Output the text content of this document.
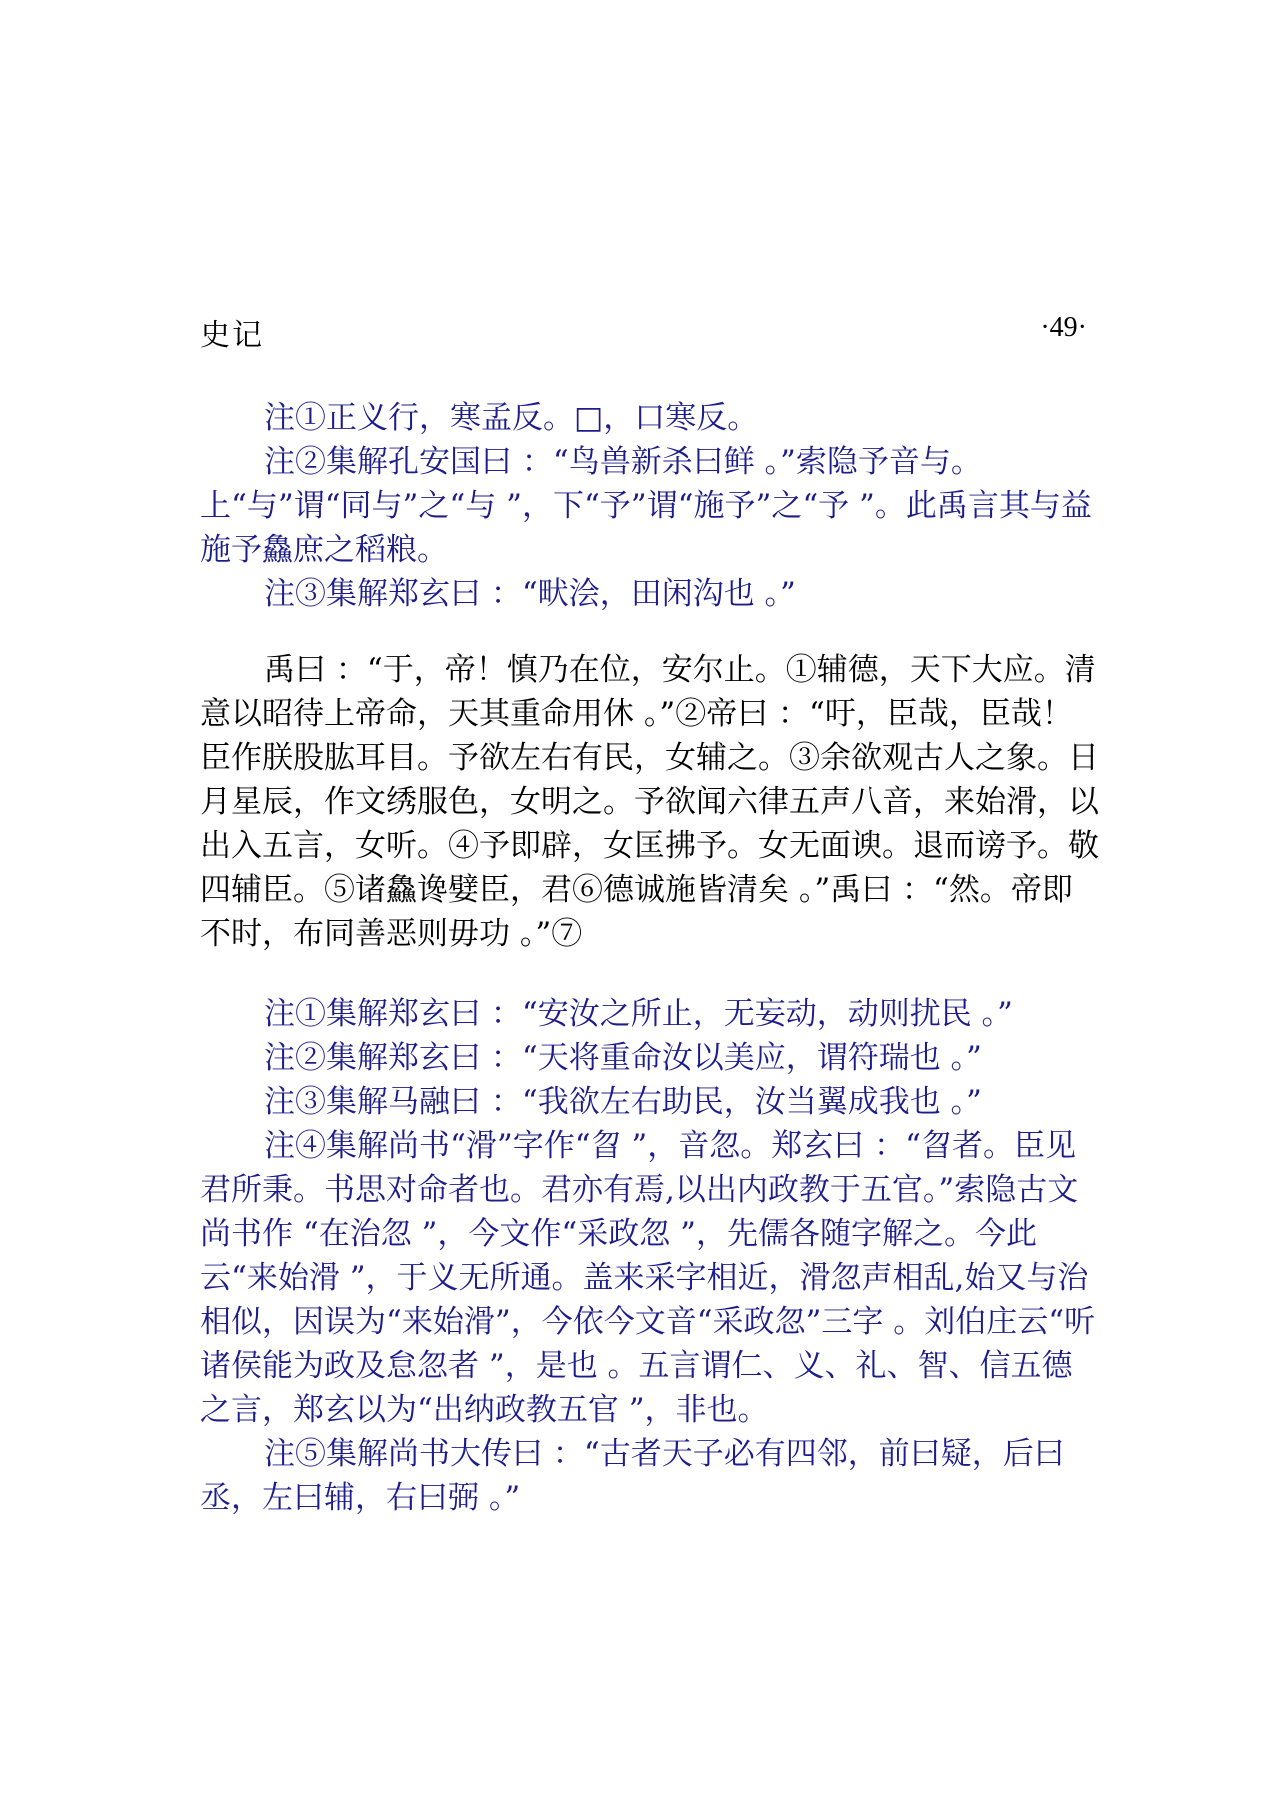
史记	·49·

注①正义行，寒孟反。□，口寒反。

注②集解孔安国曰 ：“鸟兽新杀曰鲜 。”索隐予音与。上“与”谓“同与”之“与 ”，下“予”谓“施予”之“予 ”。此禹言其与益施予鱻庶之稻粮。

注③集解郑玄曰 ：“畎浍，田闲沟也 。”

禹曰 ：“于，帝！慎乃在位，安尔止。①辅德，天下大应。清意以昭待上帝命，天其重命用休 。”②帝曰 ：“吁，臣哉，臣哉！臣作朕股肱耳目。予欲左右有民，女辅之。③余欲观古人之象。日月星辰，作文绣服色，女明之。予欲闻六律五声八音，来始滑，以出入五言，女听。④予即辟，女匡拂予。女无面谀。退而谤予。敬四辅臣。⑤诸鱻谗嬖臣，君⑥德诚施皆清矣 。”禹曰 ：“然。帝即不时，布同善恶则毋功 。”⑦

注①集解郑玄曰 ：“安汝之所止，无妄动，动则扰民 。”

注②集解郑玄曰 ：“天将重命汝以美应，谓符瑞也 。”

注③集解马融曰 ：“我欲左右助民，汝当翼成我也 。”

注④集解尚书“滑”字作“曶 ”，音忽。郑玄曰 ：“曶者。臣见君所秉。书思对命者也。君亦有焉,以出内政教于五官。”索隐古文尚书作 “在治忽 ”，今文作“采政忽 ”，先儒各随字解之。今此云“来始滑 ”，于义无所通。盖来采字相近，滑忽声相乱,始又与治相似，因误为“来始滑”，今依今文音“采政忽”三字 。刘伯庄云“听诸侯能为政及怠忽者 ”，是也 。五言谓仁、义、礼、智、信五德之言，郑玄以为“出纳政教五官 ”，非也。

注⑤集解尚书大传曰 ：“古者天子必有四邻，前曰疑，后曰丞，左曰辅，右曰弼 。”
